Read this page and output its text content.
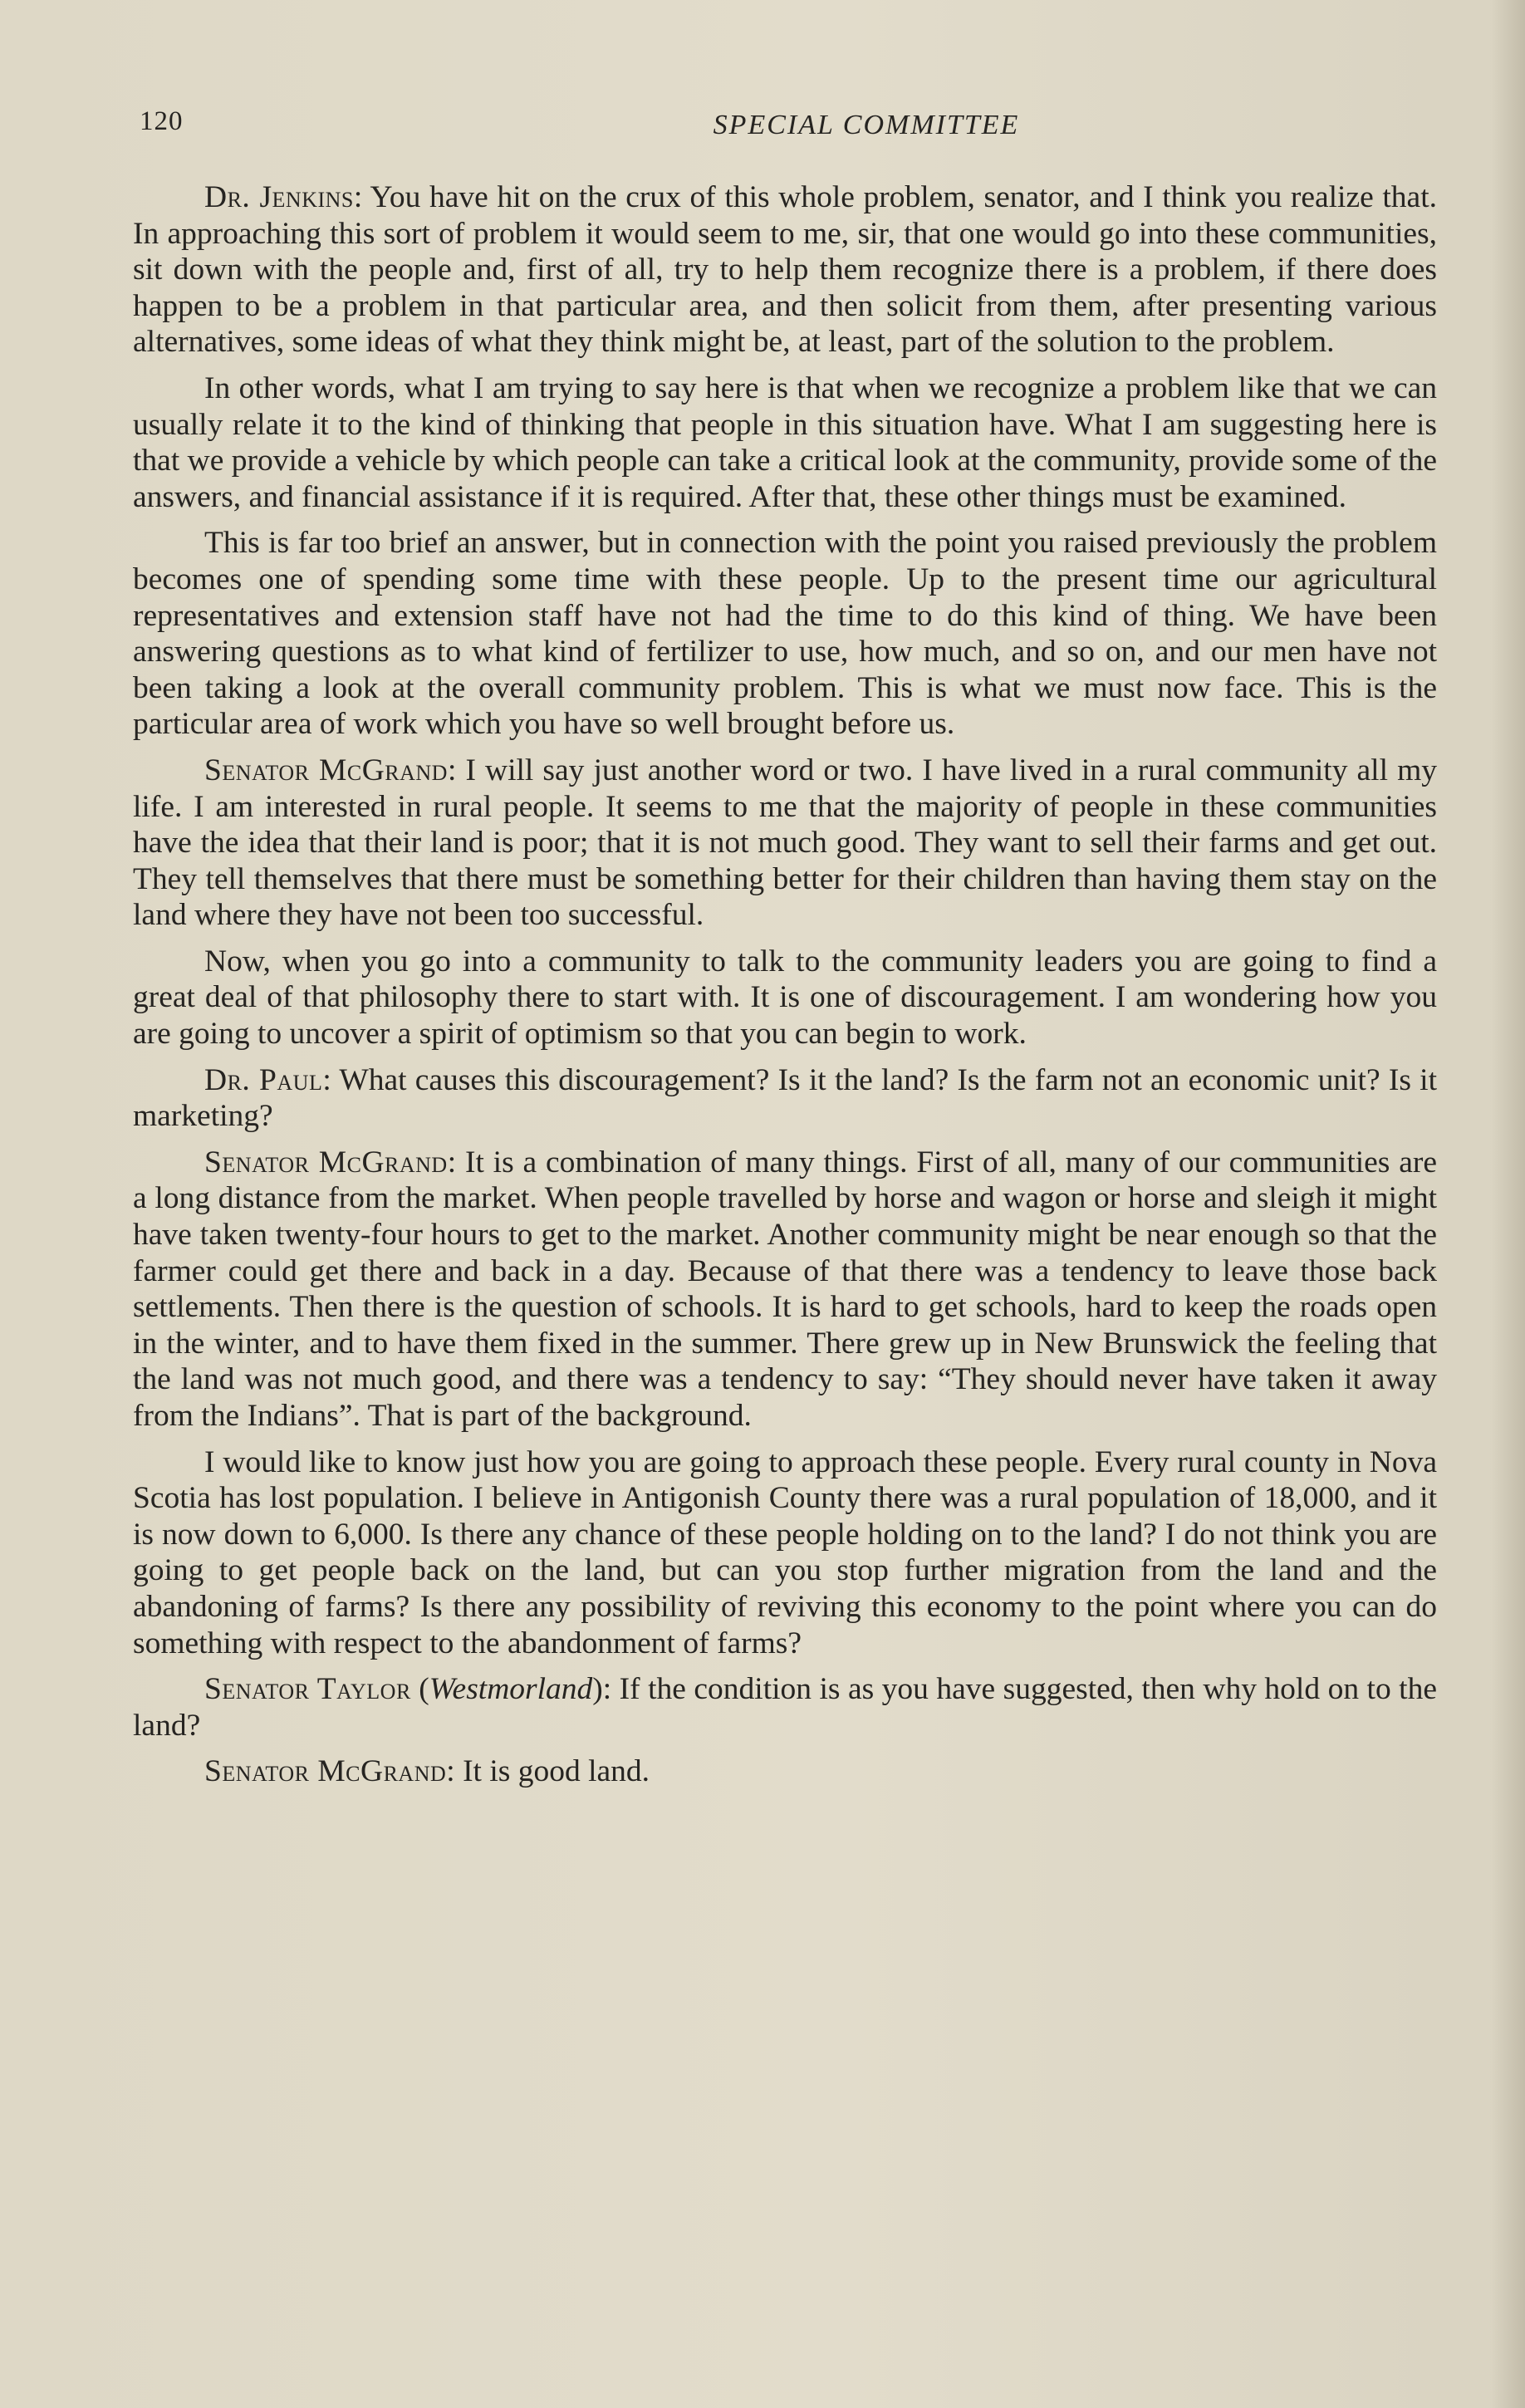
120	SPECIAL COMMITTEE

Dr. Jenkins: You have hit on the crux of this whole problem, senator, and I think you realize that. In approaching this sort of problem it would seem to me, sir, that one would go into these communities, sit down with the people and, first of all, try to help them recognize there is a problem, if there does happen to be a problem in that particular area, and then solicit from them, after presenting various alternatives, some ideas of what they think might be, at least, part of the solution to the problem.

In other words, what I am trying to say here is that when we recognize a problem like that we can usually relate it to the kind of thinking that people in this situation have. What I am suggesting here is that we provide a vehicle by which people can take a critical look at the community, provide some of the answers, and financial assistance if it is required. After that, these other things must be examined.

This is far too brief an answer, but in connection with the point you raised previously the problem becomes one of spending some time with these people. Up to the present time our agricultural representatives and extension staff have not had the time to do this kind of thing. We have been answering questions as to what kind of fertilizer to use, how much, and so on, and our men have not been taking a look at the overall community problem. This is what we must now face. This is the particular area of work which you have so well brought before us.

Senator McGrand: I will say just another word or two. I have lived in a rural community all my life. I am interested in rural people. It seems to me that the majority of people in these communities have the idea that their land is poor; that it is not much good. They want to sell their farms and get out. They tell themselves that there must be something better for their children than having them stay on the land where they have not been too successful.

Now, when you go into a community to talk to the community leaders you are going to find a great deal of that philosophy there to start with. It is one of discouragement. I am wondering how you are going to uncover a spirit of optimism so that you can begin to work.

Dr. Paul: What causes this discouragement? Is it the land? Is the farm not an economic unit? Is it marketing?

Senator McGrand: It is a combination of many things. First of all, many of our communities are a long distance from the market. When people travelled by horse and wagon or horse and sleigh it might have taken twenty-four hours to get to the market. Another community might be near enough so that the farmer could get there and back in a day. Because of that there was a tendency to leave those back settlements. Then there is the question of schools. It is hard to get schools, hard to keep the roads open in the winter, and to have them fixed in the summer. There grew up in New Brunswick the feeling that the land was not much good, and there was a tendency to say: “They should never have taken it away from the Indians”. That is part of the background.

I would like to know just how you are going to approach these people. Every rural county in Nova Scotia has lost population. I believe in Antigonish County there was a rural population of 18,000, and it is now down to 6,000. Is there any chance of these people holding on to the land? I do not think you are going to get people back on the land, but can you stop further migration from the land and the abandoning of farms? Is there any possibility of reviving this economy to the point where you can do something with respect to the abandonment of farms?

Senator Taylor (Westmorland): If the condition is as you have suggested, then why hold on to the land?

Senator McGrand: It is good land.
